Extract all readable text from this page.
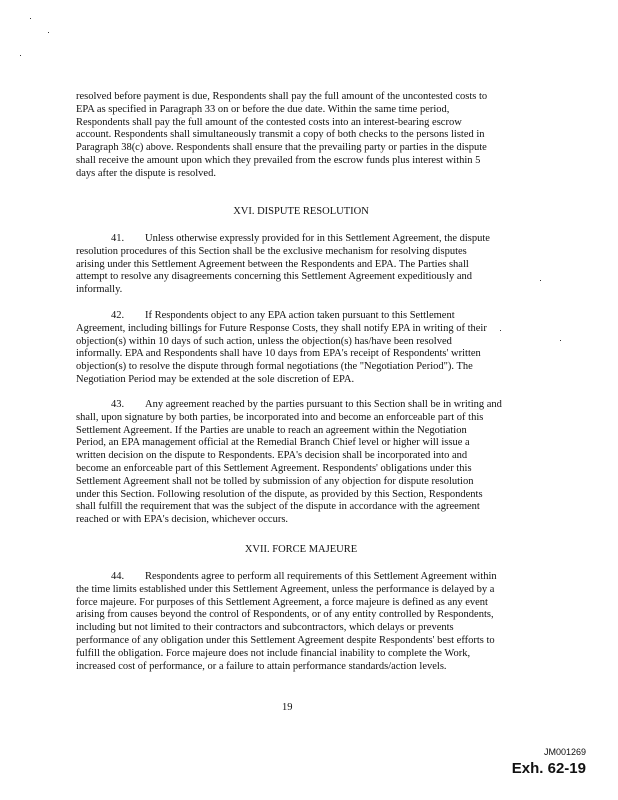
XVI. DISPUTE RESOLUTION
XVII. FORCE MAJEURE
resolved before payment is due, Respondents shall pay the full amount of the uncontested costs to
EPA as specified in Paragraph 33 on or before the due date. Within the same time period,
Respondents shall pay the full amount of the contested costs into an interest-bearing escrow
account. Respondents shall simultaneously transmit a copy of both checks to the persons listed in
Paragraph 38(c) above. Respondents shall ensure that the prevailing party or parties in the dispute
shall receive the amount upon which they prevailed from the escrow funds plus interest within 5
days after the dispute is resolved.
41. Unless otherwise expressly provided for in this Settlement Agreement, the dispute
resolution procedures of this Section shall be the exclusive mechanism for resolving disputes
arising under this Settlement Agreement between the Respondents and EPA. The Parties shall
attempt to resolve any disagreements concerning this Settlement Agreement expeditiously and
informally.
42. If Respondents object to any EPA action taken pursuant to this Settlement
Agreement, including billings for Future Response Costs, they shall notify EPA in writing of their
objection(s) within 10 days of such action, unless the objection(s) has/have been resolved
informally. EPA and Respondents shall have 10 days from EPA's receipt of Respondents' written
objection(s) to resolve the dispute through formal negotiations (the "Negotiation Period"). The
Negotiation Period may be extended at the sole discretion of EPA.
43. Any agreement reached by the parties pursuant to this Section shall be in writing and
shall, upon signature by both parties, be incorporated into and become an enforceable part of this
Settlement Agreement. If the Parties are unable to reach an agreement within the Negotiation
Period, an EPA management official at the Remedial Branch Chief level or higher will issue a
written decision on the dispute to Respondents. EPA's decision shall be incorporated into and
become an enforceable part of this Settlement Agreement. Respondents' obligations under this
Settlement Agreement shall not be tolled by submission of any objection for dispute resolution
under this Section. Following resolution of the dispute, as provided by this Section, Respondents
shall fulfill the requirement that was the subject of the dispute in accordance with the agreement
reached or with EPA's decision, whichever occurs.
44. Respondents agree to perform all requirements of this Settlement Agreement within
the time limits established under this Settlement Agreement, unless the performance is delayed by a
force majeure. For purposes of this Settlement Agreement, a force majeure is defined as any event
arising from causes beyond the control of Respondents, or of any entity controlled by Respondents,
including but not limited to their contractors and subcontractors, which delays or prevents
performance of any obligation under this Settlement Agreement despite Respondents' best efforts to
fulfill the obligation. Force majeure does not include financial inability to complete the Work,
increased cost of performance, or a failure to attain performance standards/action levels.
19
JM001269
Exh. 62-19
